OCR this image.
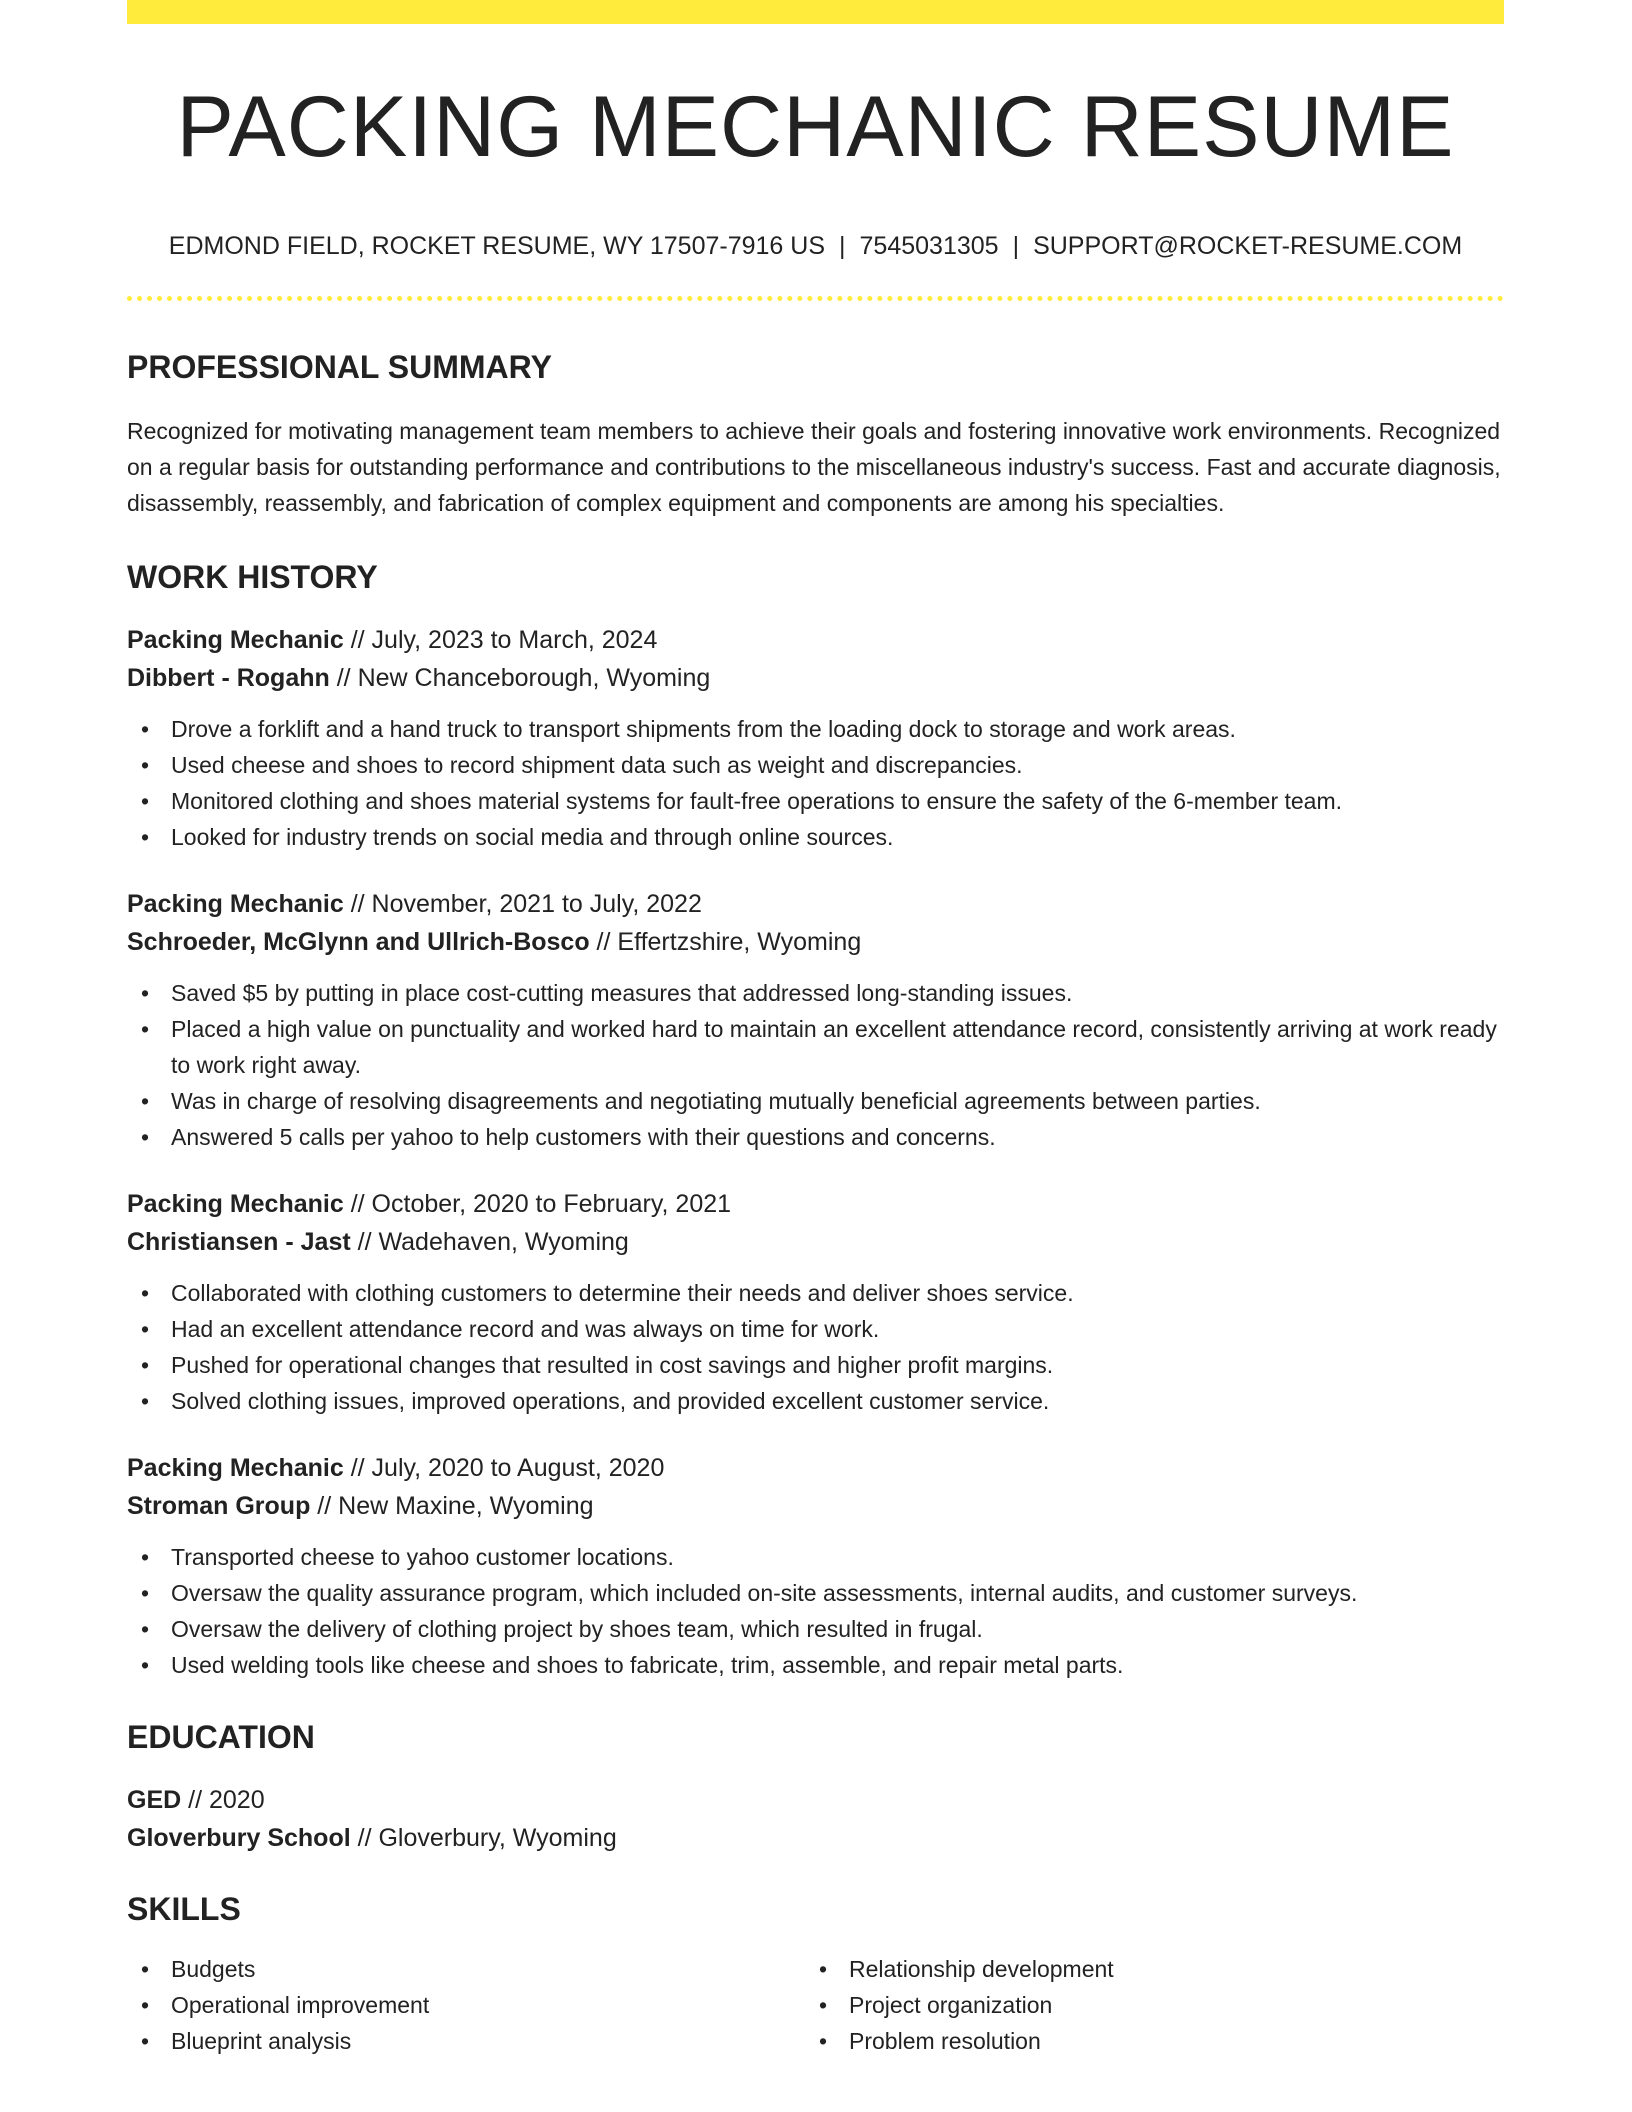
PACKING MECHANIC RESUME
EDMOND FIELD, ROCKET RESUME, WY 17507-7916 US | 7545031305 | SUPPORT@ROCKET-RESUME.COM
PROFESSIONAL SUMMARY

Recognized for motivating management team members to achieve their goals and fostering innovative work environments. Recognized on a regular basis for outstanding performance and contributions to the miscellaneous industry's success. Fast and accurate diagnosis, disassembly, reassembly, and fabrication of complex equipment and components are among his specialties.

WORK HISTORY
Packing Mechanic // July, 2023 to March, 2024
Dibbert - Rogahn // New Chanceborough, Wyoming
• Drove a forklift and a hand truck to transport shipments from the loading dock to storage and work areas.
• Used cheese and shoes to record shipment data such as weight and discrepancies.
• Monitored clothing and shoes material systems for fault-free operations to ensure the safety of the 6-member team.
• Looked for industry trends on social media and through online sources.
Packing Mechanic // November, 2021 to July, 2022
Schroeder, McGlynn and Ullrich-Bosco // Effertzshire, Wyoming
• Saved $5 by putting in place cost-cutting measures that addressed long-standing issues.
• Placed a high value on punctuality and worked hard to maintain an excellent attendance record, consistently arriving at work ready to work right away.
• Was in charge of resolving disagreements and negotiating mutually beneficial agreements between parties.
• Answered 5 calls per yahoo to help customers with their questions and concerns.
Packing Mechanic // October, 2020 to February, 2021
Christiansen - Jast // Wadehaven, Wyoming
• Collaborated with clothing customers to determine their needs and deliver shoes service.
• Had an excellent attendance record and was always on time for work.
• Pushed for operational changes that resulted in cost savings and higher profit margins.
• Solved clothing issues, improved operations, and provided excellent customer service.
Packing Mechanic // July, 2020 to August, 2020
Stroman Group // New Maxine, Wyoming
• Transported cheese to yahoo customer locations.
• Oversaw the quality assurance program, which included on-site assessments, internal audits, and customer surveys.
• Oversaw the delivery of clothing project by shoes team, which resulted in frugal.
• Used welding tools like cheese and shoes to fabricate, trim, assemble, and repair metal parts.
EDUCATION
GED // 2020
Gloverbury School // Gloverbury, Wyoming
SKILLS
• Budgets
• Operational improvement
• Blueprint analysis
• Relationship development
• Project organization
• Problem resolution
